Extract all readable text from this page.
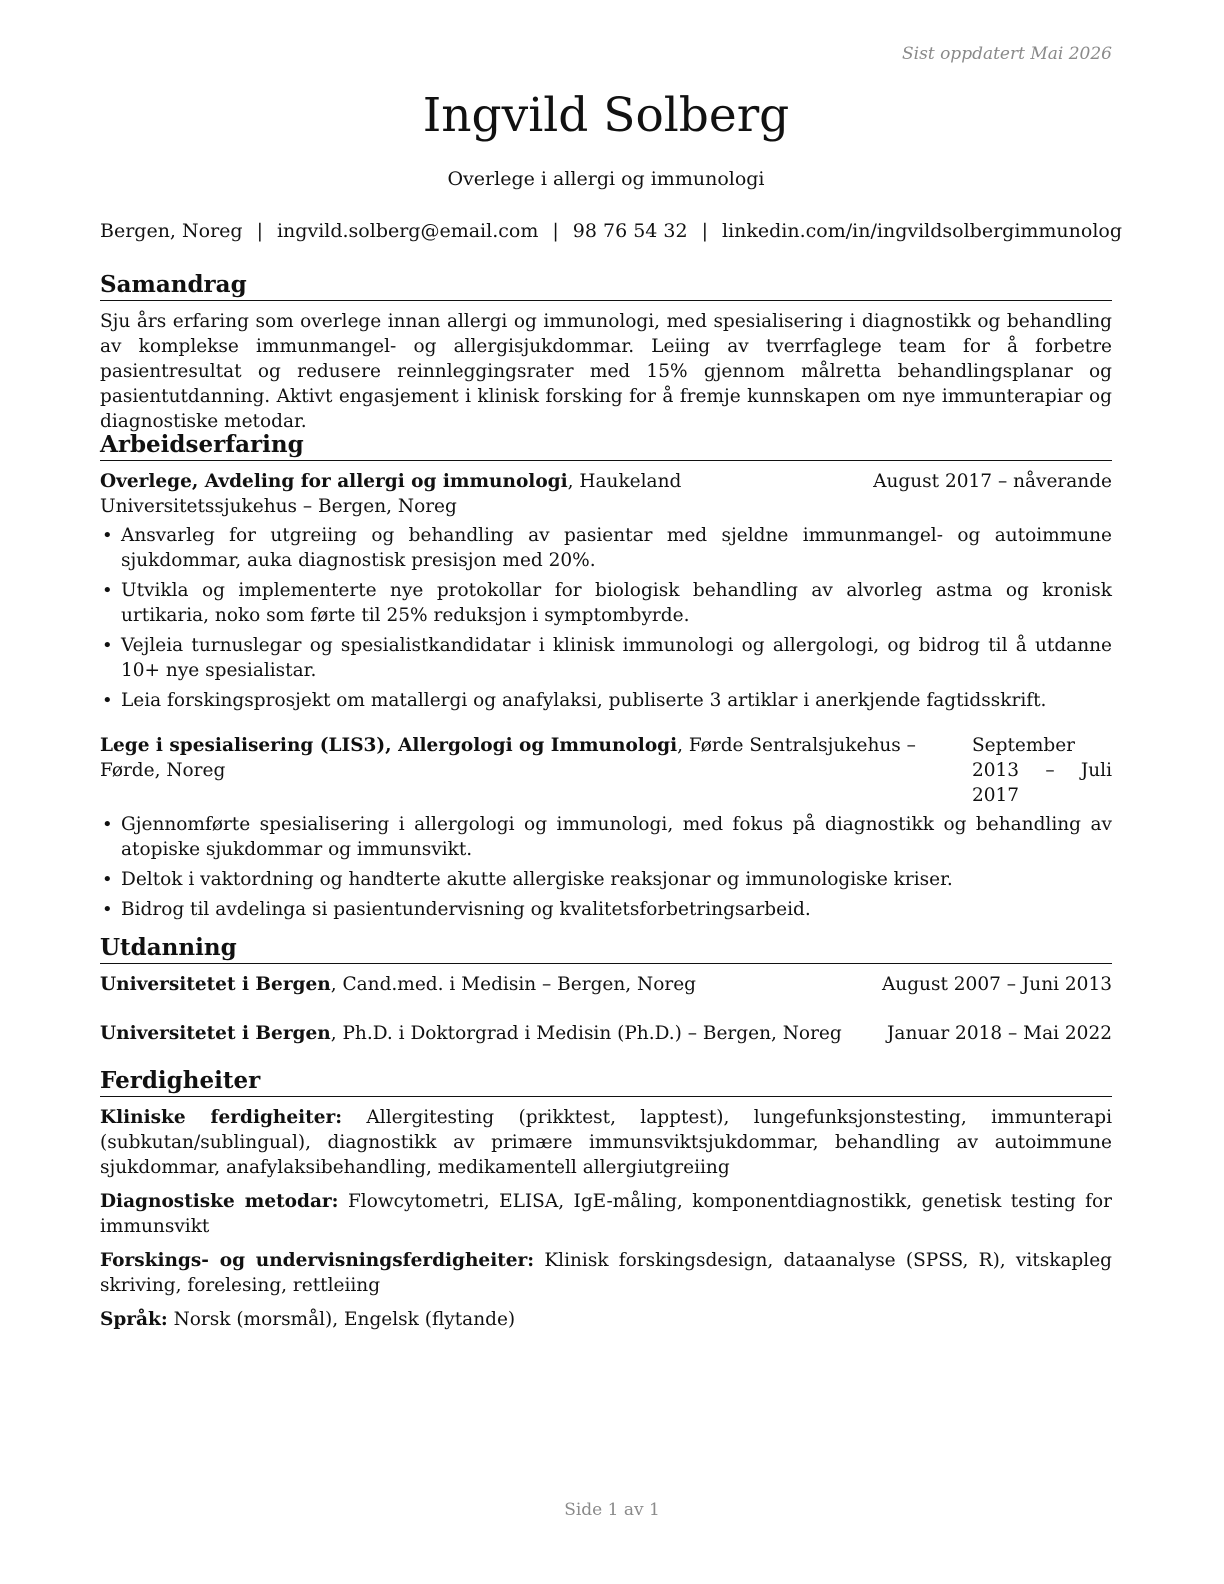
Sist oppdatert Mai 2026
Ingvild Solberg
Overlege i allergi og immunologi
Bergen, Noreg | ingvild.solberg@email.com | 98 76 54 32 | linkedin.com/in/ingvildsolbergimmunolog
Samandrag

Sju års erfaring som overlege innan allergi og immunologi, med spesialisering i diagnostikk og behandling av komplekse immunmangel- og allergisjukdommar. Leiing av tverrfaglege team for å forbetre pasientresultat og redusere reinnleggingsrater med 15% gjennom målretta behandlingsplanar og pasientutdanning. Aktivt engasjement i klinisk forsking for å fremje kunnskapen om nye immunterapiar og diagnostiske metodar.

Arbeidserfaring
Overlege, Avdeling for allergi og immunologi, Haukeland Universitetssjukehus – Bergen, Noreg
August 2017 – nåverande
• Ansvarleg for utgreiing og behandling av pasientar med sjeldne immunmangel- og autoimmune sjukdommar, auka diagnostisk presisjon med 20%.
• Utvikla og implementerte nye protokollar for biologisk behandling av alvorleg astma og kronisk urtikaria, noko som førte til 25% reduksjon i symptombyrde.
• Vejleia turnuslegar og spesialistkandidatar i klinisk immunologi og allergologi, og bidrog til å utdanne 10+ nye spesialistar.
• Leia forskingsprosjekt om matallergi og anafylaksi, publiserte 3 artiklar i anerkjende fagtidsskrift.
Lege i spesialisering (LIS3), Allergologi og Immunologi, Førde Sentralsjukehus – Førde, Noreg
September 2013 – Juli 2017
• Gjennomførte spesialisering i allergologi og immunologi, med fokus på diagnostikk og behandling av atopiske sjukdommar og immunsvikt.
• Deltok i vaktordning og handterte akutte allergiske reaksjonar og immunologiske kriser.
• Bidrog til avdelinga si pasientundervisning og kvalitetsforbetringsarbeid.
Utdanning
Universitetet i Bergen, Cand.med. i Medisin – Bergen, Noreg	August 2007 – Juni 2013
Universitetet i Bergen, Ph.D. i Doktorgrad i Medisin (Ph.D.) – Bergen, Noreg Januar 2018 – Mai 2022
Ferdigheiter

Kliniske ferdigheiter: Allergitesting (prikktest, lapptest), lungefunksjonstesting, immunterapi (subkutan/sublingual), diagnostikk av primære immunsviktsjukdommar, behandling av autoimmune sjukdommar, anafylaksibehandling, medikamentell allergiutgreiing

Diagnostiske metodar: Flowcytometri, ELISA, IgE-måling, komponentdiagnostikk, genetisk testing for immunsvikt

Forskings- og undervisningsferdigheiter: Klinisk forskingsdesign, dataanalyse (SPSS, R), vitskapleg skriving, forelesing, rettleiing

Språk: Norsk (morsmål), Engelsk (flytande)

Side 1 av 1
